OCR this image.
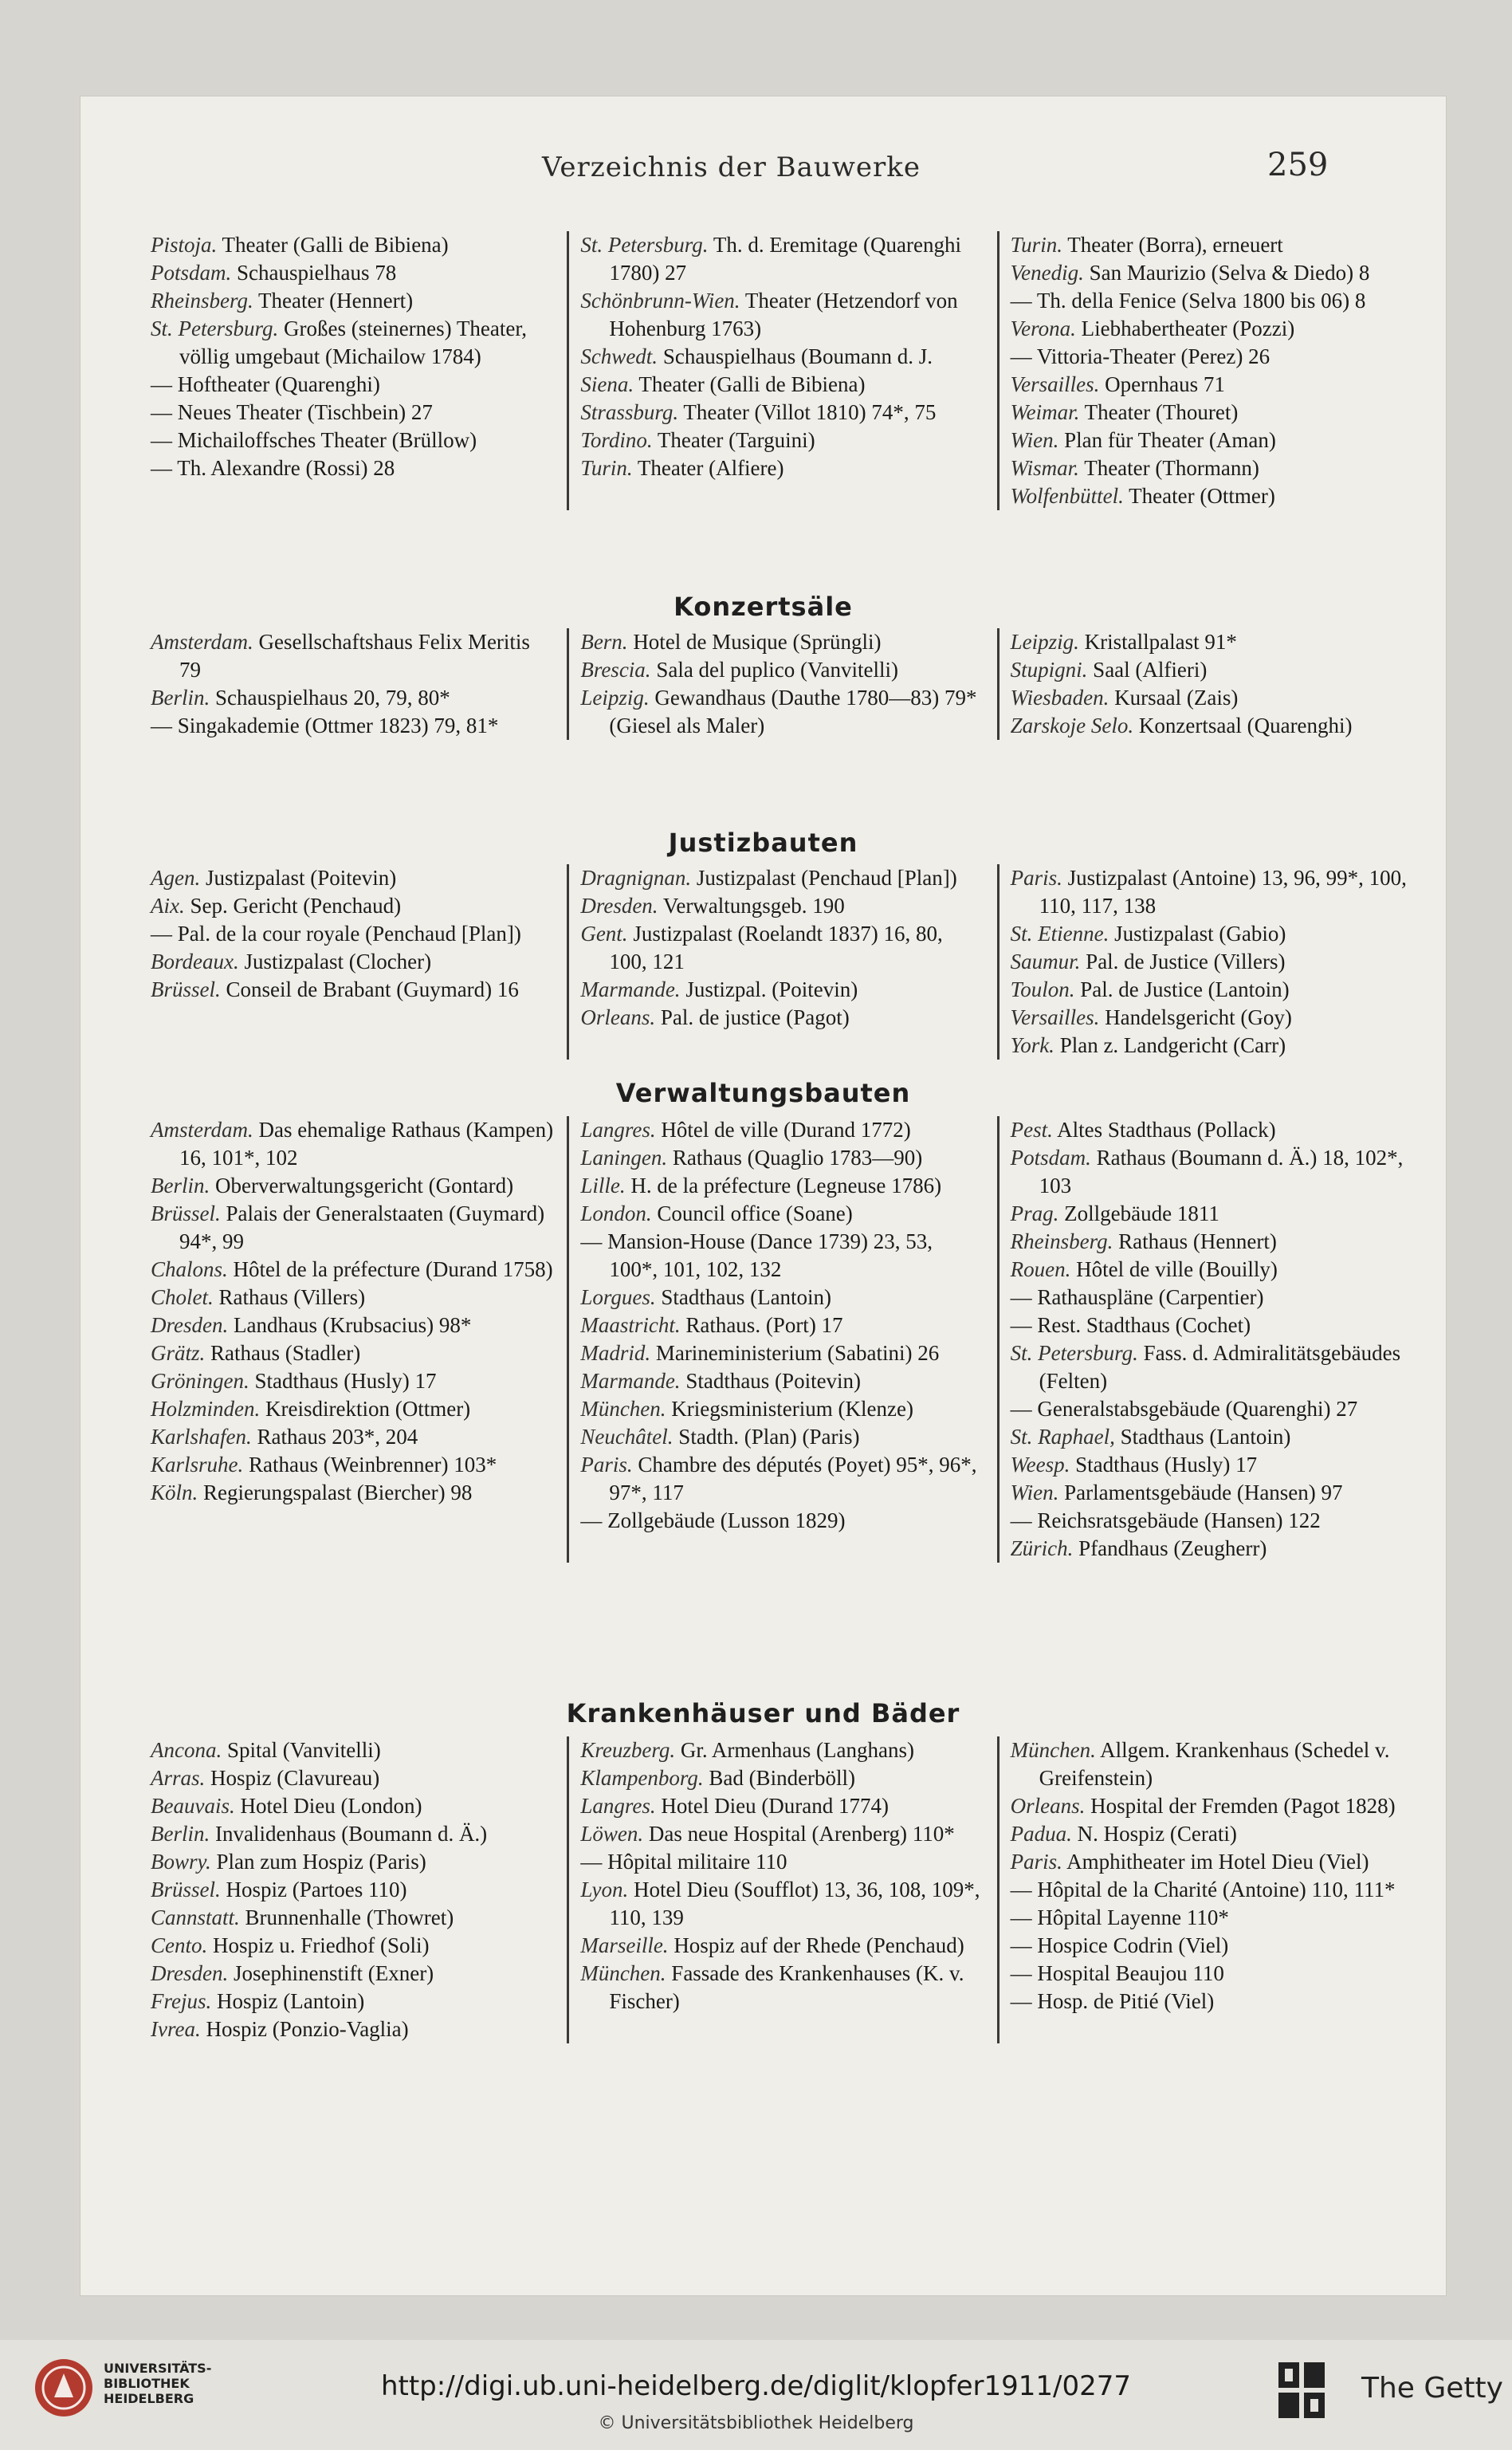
Verzeichnis der Bauwerke	259

Pistoja. Theater (Galli de Bibiena)

Potsdam. Schauspielhaus 78

Rheinsberg. Theater (Hennert)

St. Petersburg. Großes (steinernes) Theater, völlig umgebaut (Michailow 1784)

— Hoftheater (Quarenghi)

— Neues Theater (Tischbein) 27

— Michailoffsches Theater (Brüllow)

— Th. Alexandre (Rossi) 28

St. Petersburg. Th. d. Eremitage (Quarenghi 1780) 27

Schönbrunn-Wien. Theater (Hetzendorf von Hohenburg 1763)

Schwedt. Schauspielhaus (Boumann d. J.

Siena. Theater (Galli de Bibiena)

Strassburg. Theater (Villot 1810) 74*, 75

Tordino. Theater (Targuini)

Turin. Theater (Alfiere)

Turin. Theater (Borra), erneuert

Venedig. San Maurizio (Selva & Diedo) 8

— Th. della Fenice (Selva 1800 bis 06) 8

Verona. Liebhabertheater (Pozzi)

— Vittoria-Theater (Perez) 26

Versailles. Opernhaus 71

Weimar. Theater (Thouret)

Wien. Plan für Theater (Aman)

Wismar. Theater (Thormann)

Wolfenbüttel. Theater (Ottmer)

Konzertsäle

Amsterdam. Gesellschaftshaus Felix Meritis 79

Berlin. Schauspielhaus 20, 79, 80*

— Singakademie (Ottmer 1823) 79, 81*

Bern. Hotel de Musique (Sprüngli)

Brescia. Sala del puplico (Vanvitelli)

Leipzig. Gewandhaus (Dauthe 1780—83) 79* (Giesel als Maler)

Leipzig. Kristallpalast 91*

Stupigni. Saal (Alfieri)

Wiesbaden. Kursaal (Zais)

Zarskoje Selo. Konzertsaal (Quarenghi)

Justizbauten

Agen. Justizpalast (Poitevin)

Aix. Sep. Gericht (Penchaud)

— Pal. de la cour royale (Penchaud [Plan])

Bordeaux. Justizpalast (Clocher)

Brüssel. Conseil de Brabant (Guymard) 16

Dragnignan. Justizpalast (Penchaud [Plan])

Dresden. Verwaltungsgeb. 190

Gent. Justizpalast (Roelandt 1837) 16, 80, 100, 121

Marmande. Justizpal. (Poitevin)

Orleans. Pal. de justice (Pagot)

Paris. Justizpalast (Antoine) 13, 96, 99*, 100, 110, 117, 138

St. Etienne. Justizpalast (Gabio)

Saumur. Pal. de Justice (Villers)

Toulon. Pal. de Justice (Lantoin)

Versailles. Handelsgericht (Goy)

York. Plan z. Landgericht (Carr)

Verwaltungsbauten

Amsterdam. Das ehemalige Rathaus (Kampen) 16, 101*, 102

Berlin. Oberverwaltungsgericht (Gontard)

Brüssel. Palais der Generalstaaten (Guymard) 94*, 99

Chalons. Hôtel de la préfecture (Durand 1758)

Cholet. Rathaus (Villers)

Dresden. Landhaus (Krubsacius) 98*

Grätz. Rathaus (Stadler)

Gröningen. Stadthaus (Husly) 17

Holzminden. Kreisdirektion (Ottmer)

Karlshafen. Rathaus 203*, 204

Karlsruhe. Rathaus (Weinbrenner) 103*

Köln. Regierungspalast (Biercher) 98

Langres. Hôtel de ville (Durand 1772)

Laningen. Rathaus (Quaglio 1783—90)

Lille. H. de la préfecture (Legneuse 1786)

London. Council office (Soane)

— Mansion-House (Dance 1739) 23, 53, 100*, 101, 102, 132

Lorgues. Stadthaus (Lantoin)

Maastricht. Rathaus. (Port) 17

Madrid. Marineministerium (Sabatini) 26

Marmande. Stadthaus (Poitevin)

München. Kriegsministerium (Klenze)

Neuchâtel. Stadth. (Plan) (Paris)

Paris. Chambre des députés (Poyet) 95*, 96*, 97*, 117

— Zollgebäude (Lusson 1829)

Pest. Altes Stadthaus (Pollack)

Potsdam. Rathaus (Boumann d. Ä.) 18, 102*, 103

Prag. Zollgebäude 1811

Rheinsberg. Rathaus (Hennert)

Rouen. Hôtel de ville (Bouilly)

— Rathauspläne (Carpentier)

— Rest. Stadthaus (Cochet)

St. Petersburg. Fass. d. Admiralitätsgebäudes (Felten)

— Generalstabsgebäude (Quarenghi) 27

St. Raphael, Stadthaus (Lantoin)

Weesp. Stadthaus (Husly) 17

Wien. Parlamentsgebäude (Hansen) 97

— Reichsratsgebäude (Hansen) 122

Zürich. Pfandhaus (Zeugherr)

Krankenhäuser und Bäder

Ancona. Spital (Vanvitelli)

Arras. Hospiz (Clavureau)

Beauvais. Hotel Dieu (London)

Berlin. Invalidenhaus (Boumann d. Ä.)

Bowry. Plan zum Hospiz (Paris)

Brüssel. Hospiz (Partoes 110)

Cannstatt. Brunnenhalle (Thowret)

Cento. Hospiz u. Friedhof (Soli)

Dresden. Josephinenstift (Exner)

Frejus. Hospiz (Lantoin)

Ivrea. Hospiz (Ponzio-Vaglia)

Kreuzberg. Gr. Armenhaus (Langhans)

Klampenborg. Bad (Binderböll)

Langres. Hotel Dieu (Durand 1774)

Löwen. Das neue Hospital (Arenberg) 110*

— Hôpital militaire 110

Lyon. Hotel Dieu (Soufflot) 13, 36, 108, 109*, 110, 139

Marseille. Hospiz auf der Rhede (Penchaud)

München. Fassade des Krankenhauses (K. v. Fischer)

München. Allgem. Krankenhaus (Schedel v. Greifenstein)

Orleans. Hospital der Fremden (Pagot 1828)

Padua. N. Hospiz (Cerati)

Paris. Amphitheater im Hotel Dieu (Viel)

— Hôpital de la Charité (Antoine) 110, 111*

— Hôpital Layenne 110*

— Hospice Codrin (Viel)

— Hospital Beaujou 110

— Hosp. de Pitié (Viel)

UNIVERSITÄTS-
BIBLIOTHEK
HEIDELBERG	http://digi.ub.uni-heidelberg.de/diglit/klopfer1911/0277
© Universitätsbibliothek Heidelberg
The Getty
